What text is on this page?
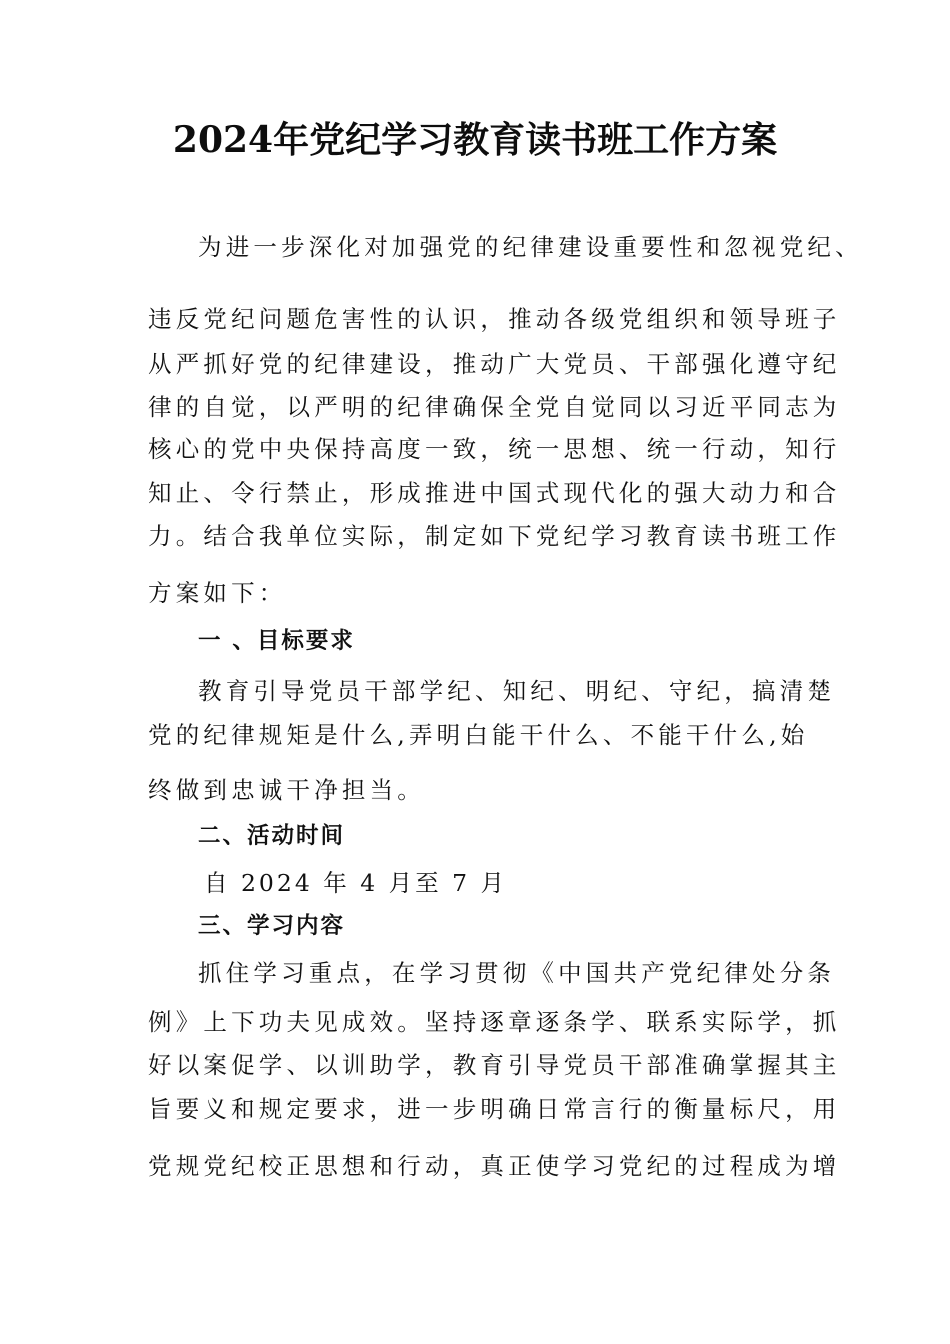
2024年党纪学习教育读书班工作方案
为进一步深化对加强党的纪律建设重要性和忽视党纪、
违反党纪问题危害性的认识，推动各级党组织和领导班子
从严抓好党的纪律建设，推动广大党员、干部强化遵守纪
律的自觉，以严明的纪律确保全党自觉同以习近平同志为
核心的党中央保持高度一致，统一思想、统一行动，知行
知止、令行禁止，形成推进中国式现代化的强大动力和合
力。结合我单位实际，制定如下党纪学习教育读书班工作
方案如下：
一 、目标要求
教育引导党员干部学纪、知纪、明纪、守纪，搞清楚
党的纪律规矩是什么,弄明白能干什么、不能干什么,始
终做到忠诚干净担当。
二、活动时间
自 2024 年 4 月至 7 月
三、学习内容
抓住学习重点，在学习贯彻《中国共产党纪律处分条
例》上下功夫见成效。坚持逐章逐条学、联系实际学，抓
好以案促学、以训助学，教育引导党员干部准确掌握其主
旨要义和规定要求，进一步明确日常言行的衡量标尺，用
党规党纪校正思想和行动，真正使学习党纪的过程成为增
